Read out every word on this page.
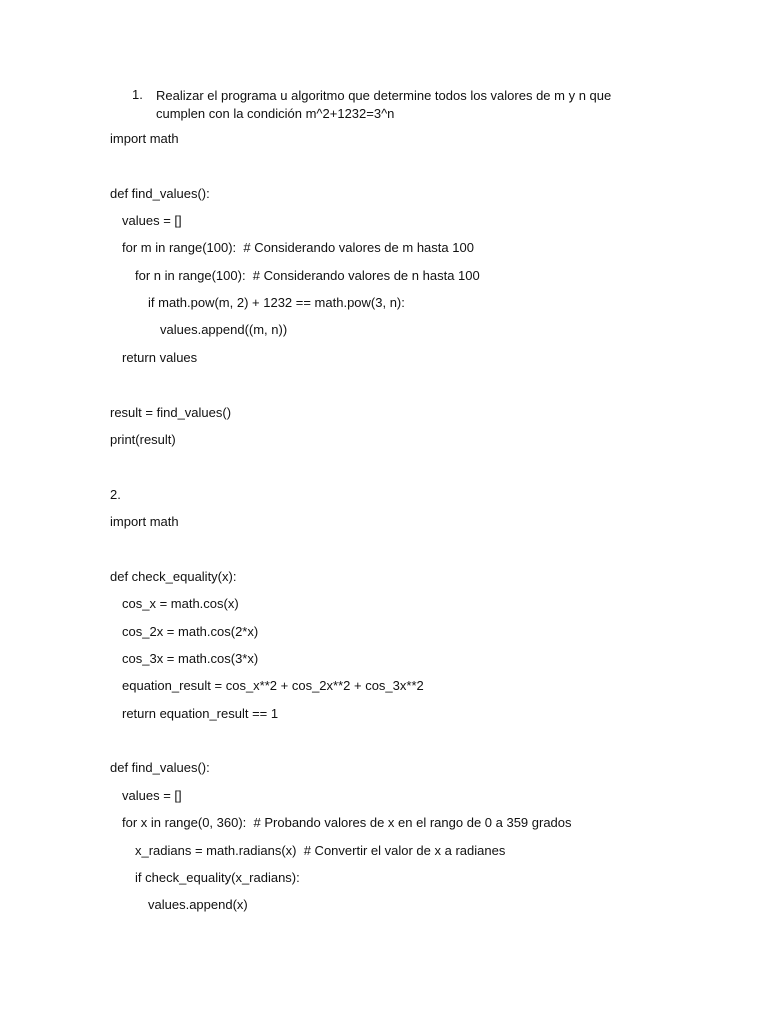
1. Realizar el programa u algoritmo que determine todos los valores de m y n que
cumplen con la condición m^2+1232=3^n
import math
def find_values():
values = []
for m in range(100):  # Considerando valores de m hasta 100
for n in range(100):  # Considerando valores de n hasta 100
if math.pow(m, 2) + 1232 == math.pow(3, n):
values.append((m, n))
return values
result = find_values()
print(result)
2.
import math
def check_equality(x):
cos_x = math.cos(x)
cos_2x = math.cos(2*x)
cos_3x = math.cos(3*x)
equation_result = cos_x**2 + cos_2x**2 + cos_3x**2
return equation_result == 1
def find_values():
values = []
for x in range(0, 360):  # Probando valores de x en el rango de 0 a 359 grados
x_radians = math.radians(x)  # Convertir el valor de x a radianes
if check_equality(x_radians):
values.append(x)
